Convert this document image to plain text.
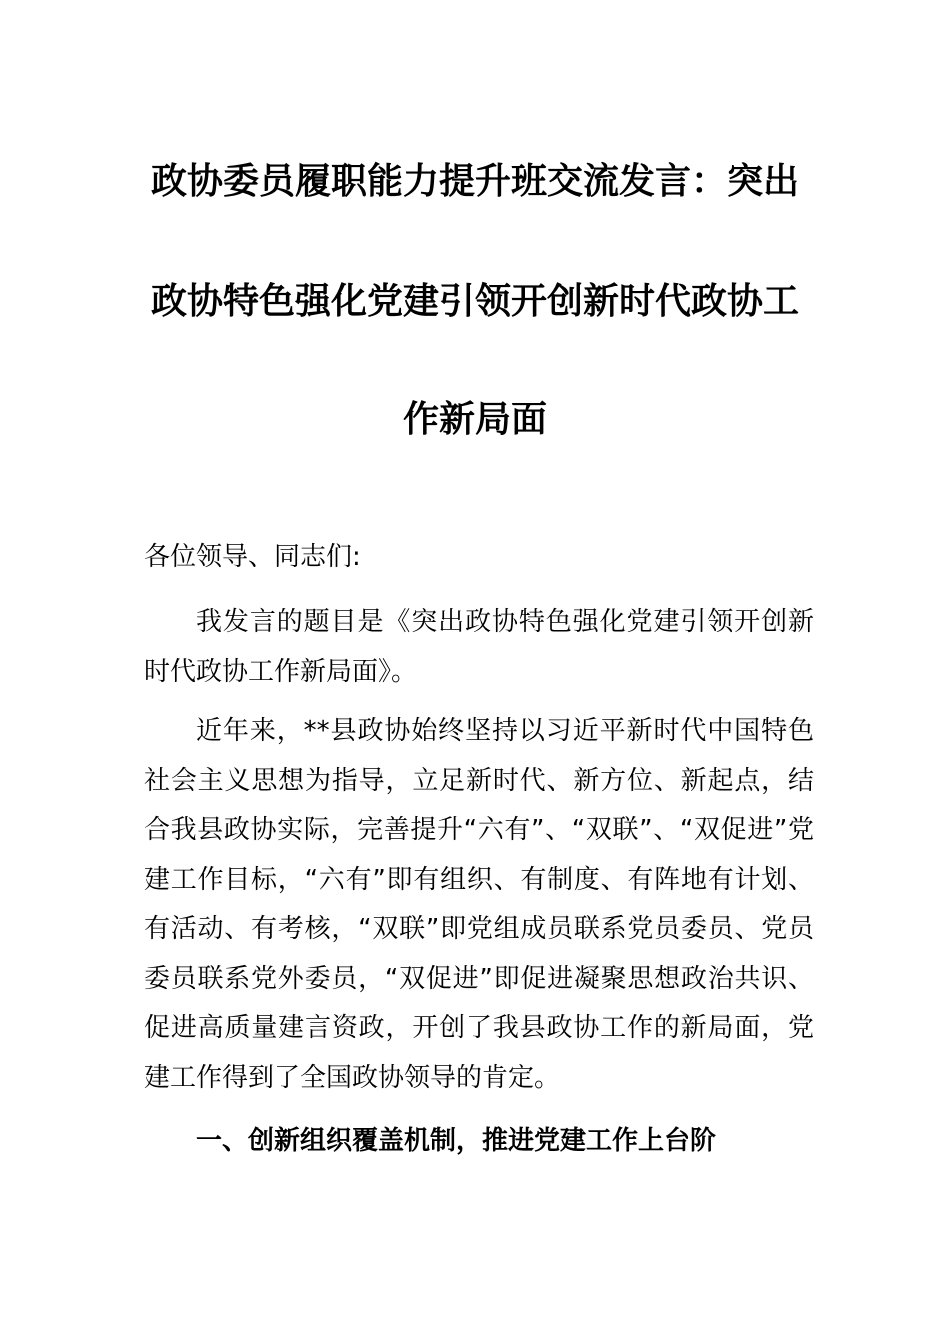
政协委员履职能力提升班交流发言：突出
政协特色强化党建引领开创新时代政协工
作新局面
各位领导、同志们:
我发言的题目是《突出政协特色强化党建引领开创新时代政协工作新局面》。
近年来，**县政协始终坚持以习近平新时代中国特色社会主义思想为指导，立足新时代、新方位、新起点，结合我县政协实际，完善提升“六有”、“双联”、“双促进”党建工作目标，“六有”即有组织、有制度、有阵地有计划、有活动、有考核，“双联”即党组成员联系党员委员、党员委员联系党外委员，“双促进”即促进凝聚思想政治共识、促进高质量建言资政，开创了我县政协工作的新局面，党建工作得到了全国政协领导的肯定。
一、创新组织覆盖机制，推进党建工作上台阶
